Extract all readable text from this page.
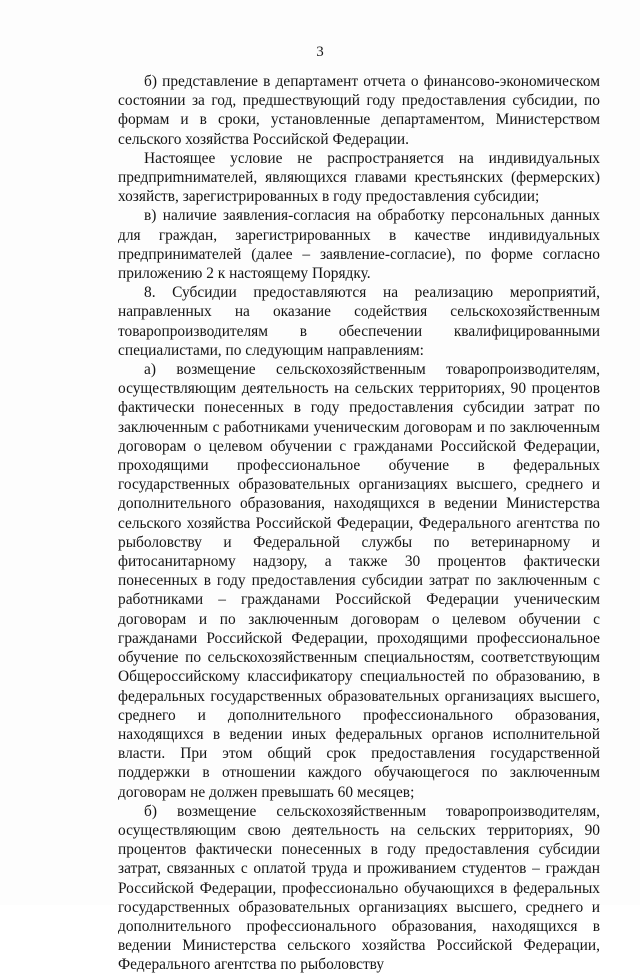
3

б) представление в департамент отчета о финансово-экономическом состоянии за год, предшествующий году предоставления субсидии, по формам и в сроки, установленные департаментом, Министерством сельского хозяйства Российской Федерации.

Настоящее условие не распространяется на индивидуальных предприmнимателей, являющихся главами крестьянских (фермерских) хозяйств, зарегистрированных в году предоставления субсидии;

в) наличие заявления-согласия на обработку персональных данных для граждан, зарегистрированных в качестве индивидуальных предпринимателей (далее – заявление-согласие), по форме согласно приложению 2 к настоящему Порядку.

8. Субсидии предоставляются на реализацию мероприятий, направленных на оказание содействия сельскохозяйственным товаропроизводителям в обеспечении квалифицированными специалистами, по следующим направлениям:

а) возмещение сельскохозяйственным товаропроизводителям, осуществляющим деятельность на сельских территориях, 90 процентов фактически понесенных в году предоставления субсидии затрат по заключенным с работниками ученическим договорам и по заключенным договорам о целевом обучении с гражданами Российской Федерации, проходящими профессиональное обучение в федеральных государственных образовательных организациях высшего, среднего и дополнительного образования, находящихся в ведении Министерства сельского хозяйства Российской Федерации, Федерального агентства по рыболовству и Федеральной службы по ветеринарному и фитосанитарному надзору, а также 30 процентов фактически понесенных в году предоставления субсидии затрат по заключенным с работниками – гражданами Российской Федерации ученическим договорам и по заключенным договорам о целевом обучении с гражданами Российской Федерации, проходящими профессиональное обучение по сельскохозяйственным специальностям, соответствующим Общероссийскому классификатору специальностей по образованию, в федеральных государственных образовательных организациях высшего, среднего и дополнительного профессионального образования, находящихся в ведении иных федеральных органов исполнительной власти. При этом общий срок предоставления государственной поддержки в отношении каждого обучающегося по заключенным договорам не должен превышать 60 месяцев;

б) возмещение сельскохозяйственным товаропроизводителям, осуществляющим свою деятельность на сельских территориях, 90 процентов фактически понесенных в году предоставления субсидии затрат, связанных с оплатой труда и проживанием студентов – граждан Российской Федерации, профессионально обучающихся в федеральных государственных образовательных организациях высшего, среднего и дополнительного профессионального образования, находящихся в ведении Министерства сельского хозяйства Российской Федерации, Федерального агентства по рыболовству
